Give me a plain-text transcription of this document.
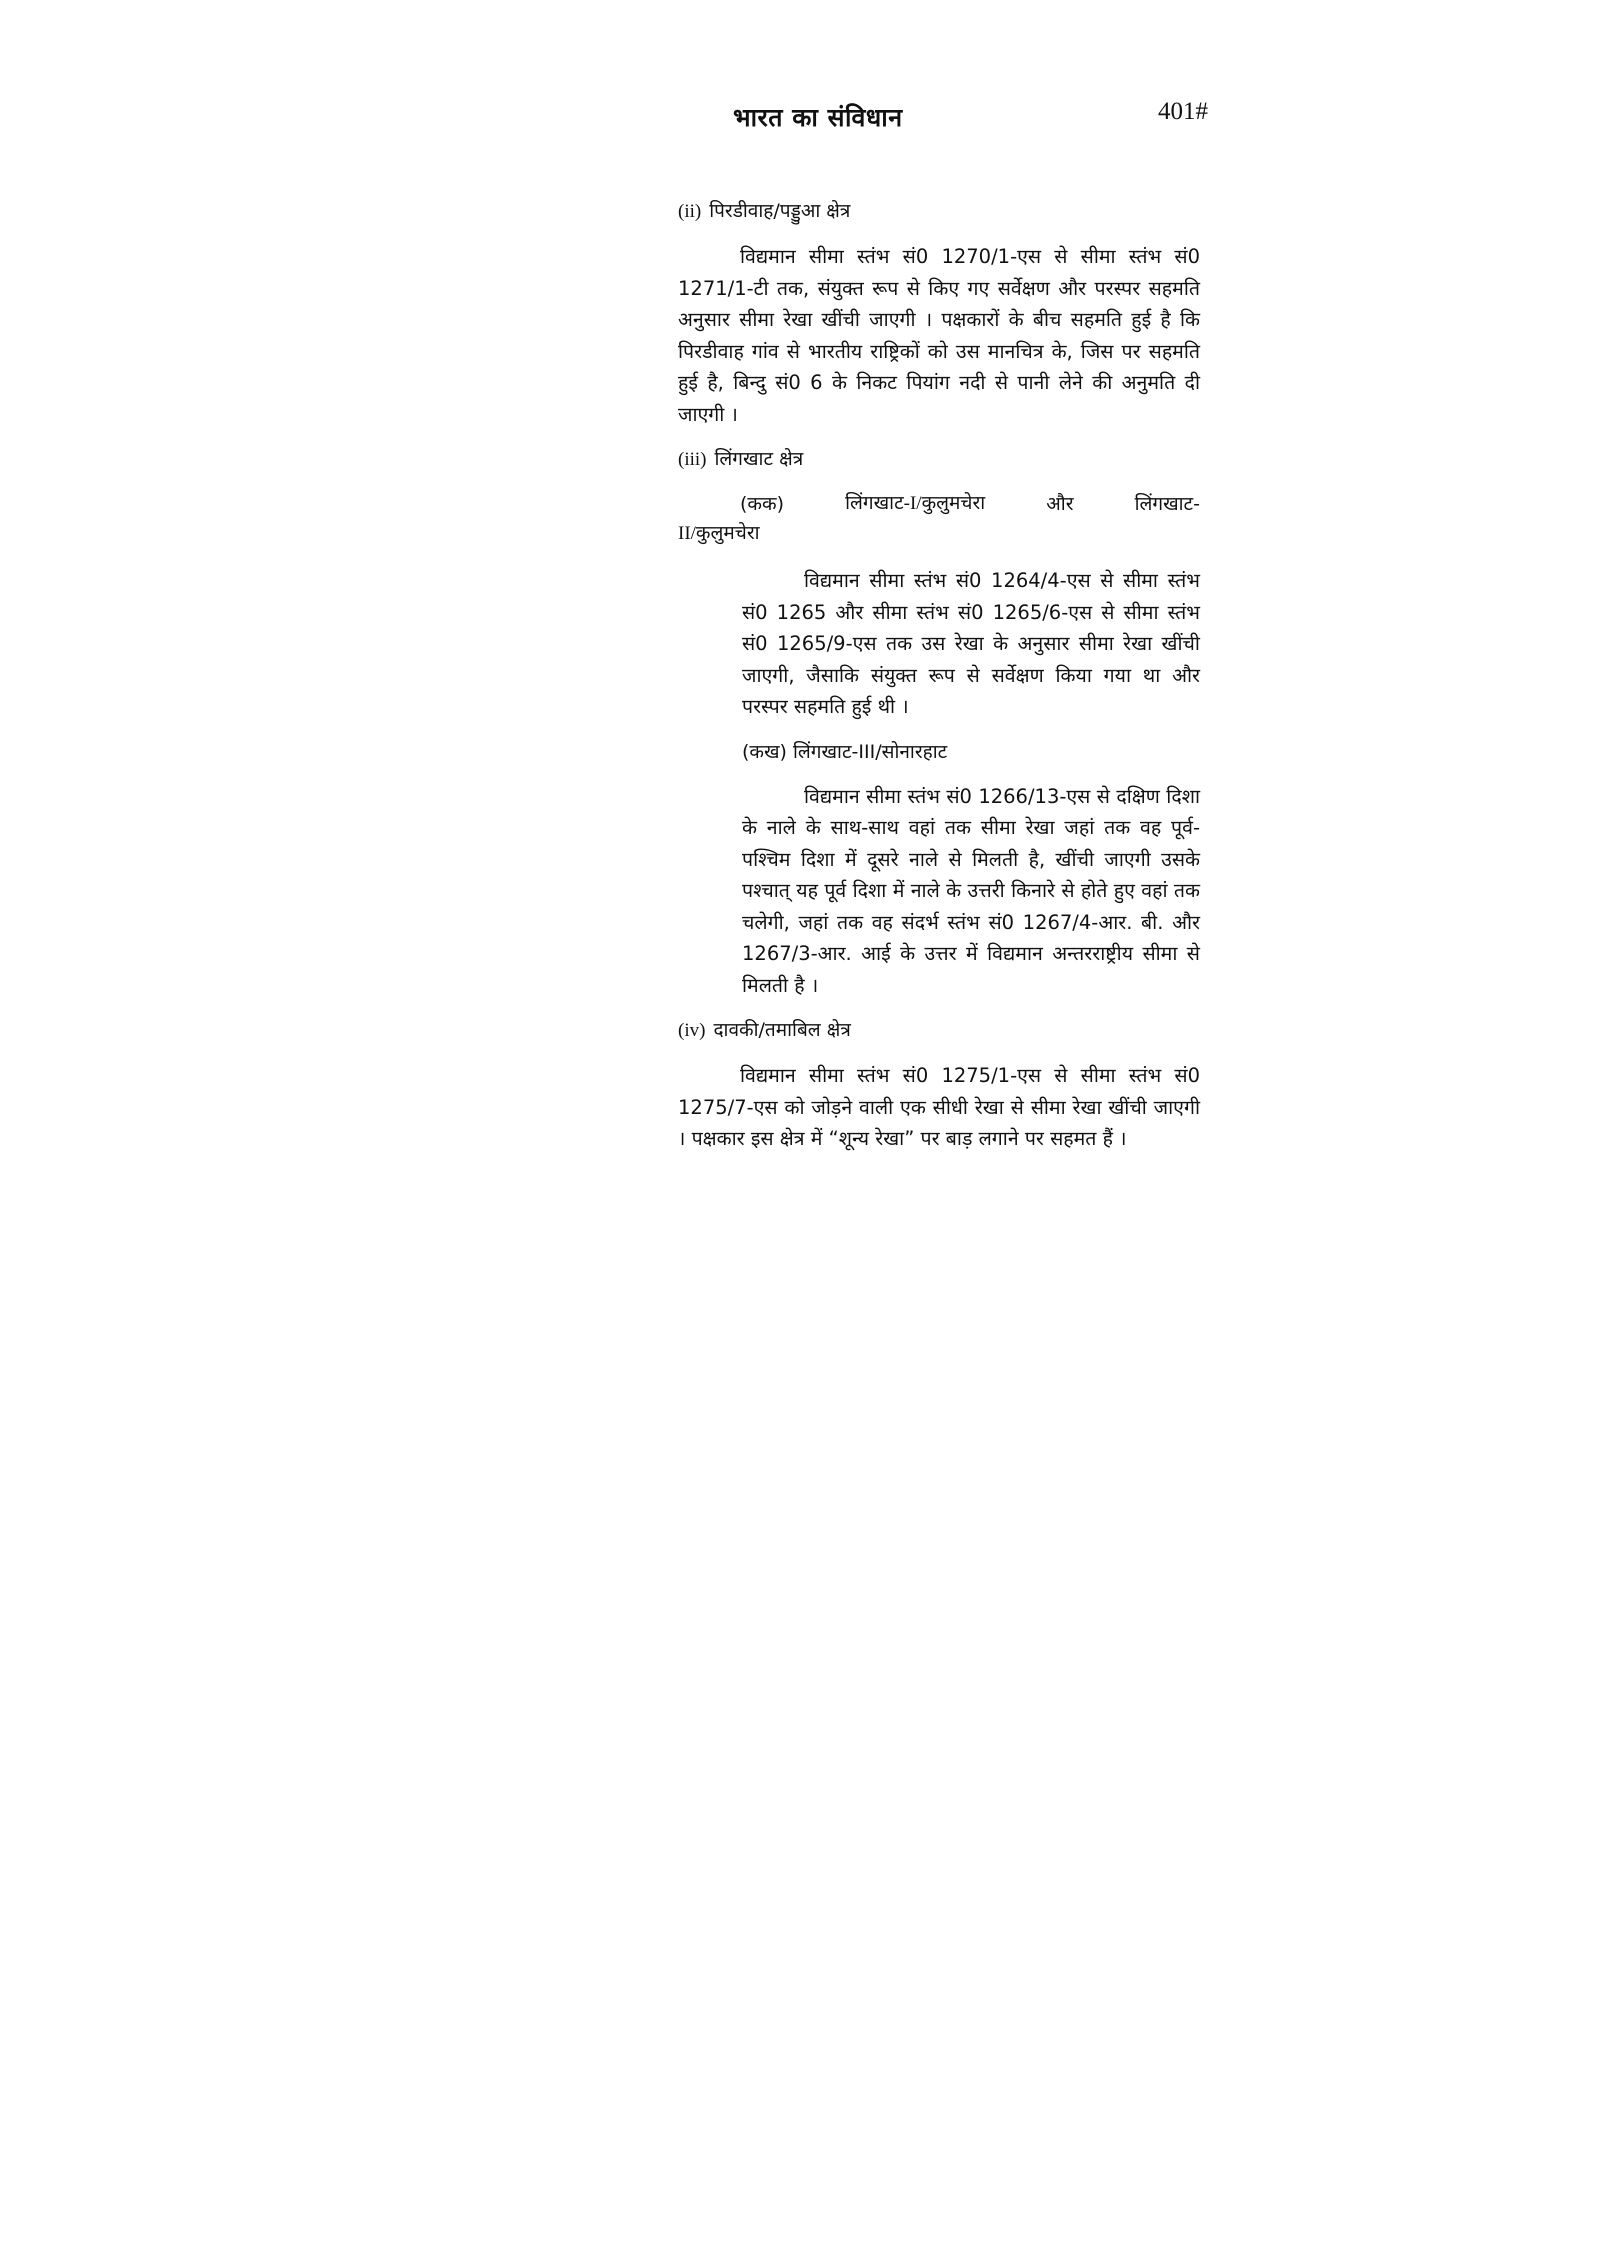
भारत का संविधान	401#
(ii) पिरडीवाह/पड्डुआ क्षेत्र

विद्यमान सीमा स्तंभ सं0 1270/1-एस से सीमा स्तंभ सं0 1271/1-टी तक, संयुक्त रूप से किए गए सर्वेक्षण और परस्पर सहमति अनुसार सीमा रेखा खींची जाएगी । पक्षकारों के बीच सहमति हुई है कि पिरडीवाह गांव से भारतीय राष्ट्रिकों को उस मानचित्र के, जिस पर सहमति हुई है, बिन्दु सं0 6 के निकट पियांग नदी से पानी लेने की अनुमति दी जाएगी ।

(iii) लिंगखाट क्षेत्र
(कक)	लिंगखाट-I/कुलुमचेरा	और	लिंगखाट-
II/कुलुमचेरा

विद्यमान सीमा स्तंभ सं0 1264/4-एस से सीमा स्तंभ सं0 1265 और सीमा स्तंभ सं0 1265/6-एस से सीमा स्तंभ सं0 1265/9-एस तक उस रेखा के अनुसार सीमा रेखा खींची जाएगी, जैसाकि संयुक्त रूप से सर्वेक्षण किया गया था और परस्पर सहमति हुई थी ।

(कख) लिंगखाट-III/सोनारहाट

विद्यमान सीमा स्तंभ सं0 1266/13-एस से दक्षिण दिशा के नाले के साथ-साथ वहां तक सीमा रेखा जहां तक वह पूर्व-पश्चिम दिशा में दूसरे नाले से मिलती है, खींची जाएगी उसके पश्चात् यह पूर्व दिशा में नाले के उत्तरी किनारे से होते हुए वहां तक चलेगी, जहां तक वह संदर्भ स्तंभ सं0 1267/4-आर. बी. और 1267/3-आर. आई के उत्तर में विद्यमान अन्तरराष्ट्रीय सीमा से मिलती है ।

(iv) दावकी/तमाबिल क्षेत्र

विद्यमान सीमा स्तंभ सं0 1275/1-एस से सीमा स्तंभ सं0 1275/7-एस को जोड़ने वाली एक सीधी रेखा से सीमा रेखा खींची जाएगी । पक्षकार इस क्षेत्र में “शून्य रेखा” पर बाड़ लगाने पर सहमत हैं ।
